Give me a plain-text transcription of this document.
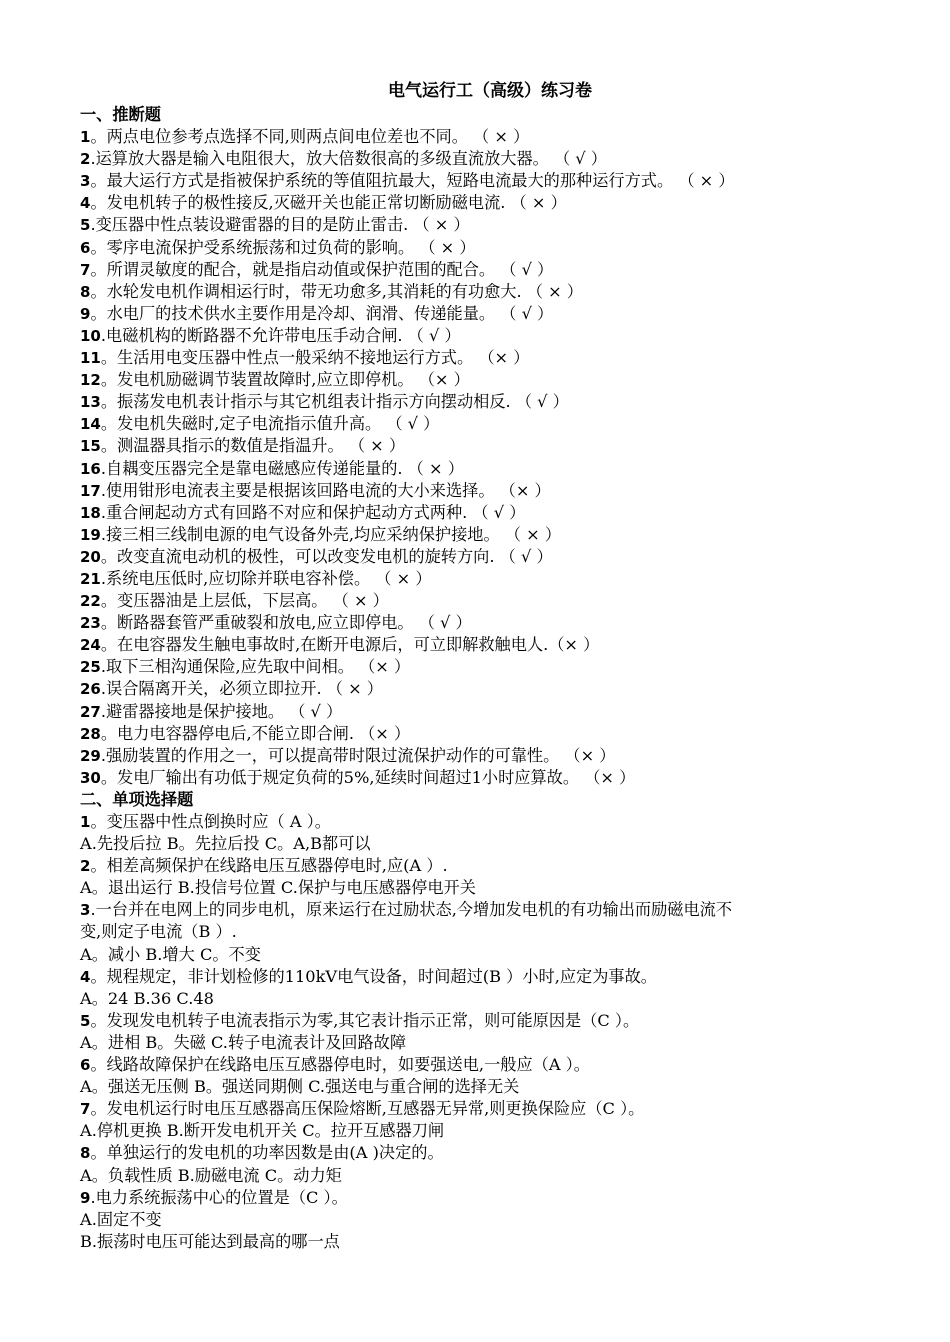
电气运行工（高级）练习卷
一、推断题
1。两点电位参考点选择不同,则两点间电位差也不同。 （ × ）
2.运算放大器是输入电阻很大，放大倍数很高的多级直流放大器。 （ √ ）
3。最大运行方式是指被保护系统的等值阻抗最大，短路电流最大的那种运行方式。 （ × ）
4。发电机转子的极性接反,灭磁开关也能正常切断励磁电流. （ × ）
5.变压器中性点装设避雷器的目的是防止雷击. （ × ）
6。零序电流保护受系统振荡和过负荷的影响。 （ × ）
7。所谓灵敏度的配合，就是指启动值或保护范围的配合。 （ √ ）
8。水轮发电机作调相运行时，带无功愈多,其消耗的有功愈大. （ × ）
9。水电厂的技术供水主要作用是冷却、润滑、传递能量。 （ √ ）
10.电磁机构的断路器不允许带电压手动合闸. （ √ ）
11。生活用电变压器中性点一般采纳不接地运行方式。 （× ）
12。发电机励磁调节装置故障时,应立即停机。 （× ）
13。振荡发电机表计指示与其它机组表计指示方向摆动相反. （ √ ）
14。发电机失磁时,定子电流指示值升高。 （ √ ）
15。测温器具指示的数值是指温升。 （ × ）
16.自耦变压器完全是靠电磁感应传递能量的. （ × ）
17.使用钳形电流表主要是根据该回路电流的大小来选择。 （× ）
18.重合闸起动方式有回路不对应和保护起动方式两种. （ √ ）
19.接三相三线制电源的电气设备外壳,均应采纳保护接地。 （ × ）
20。改变直流电动机的极性，可以改变发电机的旋转方向. （ √ ）
21.系统电压低时,应切除并联电容补偿。 （ × ）
22。变压器油是上层低，下层高。 （ × ）
23。断路器套管严重破裂和放电,应立即停电。 （ √ ）
24。在电容器发生触电事故时,在断开电源后，可立即解救触电人.（× ）
25.取下三相沟通保险,应先取中间相。 （× ）
26.误合隔离开关，必须立即拉开. （ × ）
27.避雷器接地是保护接地。 （ √ ）
28。电力电容器停电后,不能立即合闸. （× ）
29.强励装置的作用之一，可以提高带时限过流保护动作的可靠性。 （× ）
30。发电厂输出有功低于规定负荷的5%,延续时间超过1小时应算故。 （× ）
二、单项选择题
1。变压器中性点倒换时应（ A ）。
A.先投后拉 B。先拉后投 C。A,B都可以
2。相差高频保护在线路电压互感器停电时,应(A ）.
A。退出运行 B.投信号位置 C.保护与电压感器停电开关
3.一台并在电网上的同步电机，原来运行在过励状态,今增加发电机的有功输出而励磁电流不
变,则定子电流（B ）.
A。减小 B.增大 C。不变
4。规程规定，非计划检修的110kV电气设备，时间超过(B ）小时,应定为事故。
A。24 B.36 C.48
5。发现发电机转子电流表指示为零,其它表计指示正常，则可能原因是（C ）。
A。进相 B。失磁 C.转子电流表计及回路故障
6。线路故障保护在线路电压互感器停电时，如要强送电,一般应（A ）。
A。强送无压侧 B。强送同期侧 C.强送电与重合闸的选择无关
7。发电机运行时电压互感器高压保险熔断,互感器无异常,则更换保险应（C ）。
A.停机更换 B.断开发电机开关 C。拉开互感器刀闸
8。单独运行的发电机的功率因数是由(A )决定的。
A。负载性质 B.励磁电流 C。动力矩
9.电力系统振荡中心的位置是（C ）。
A.固定不变
B.振荡时电压可能达到最高的哪一点
